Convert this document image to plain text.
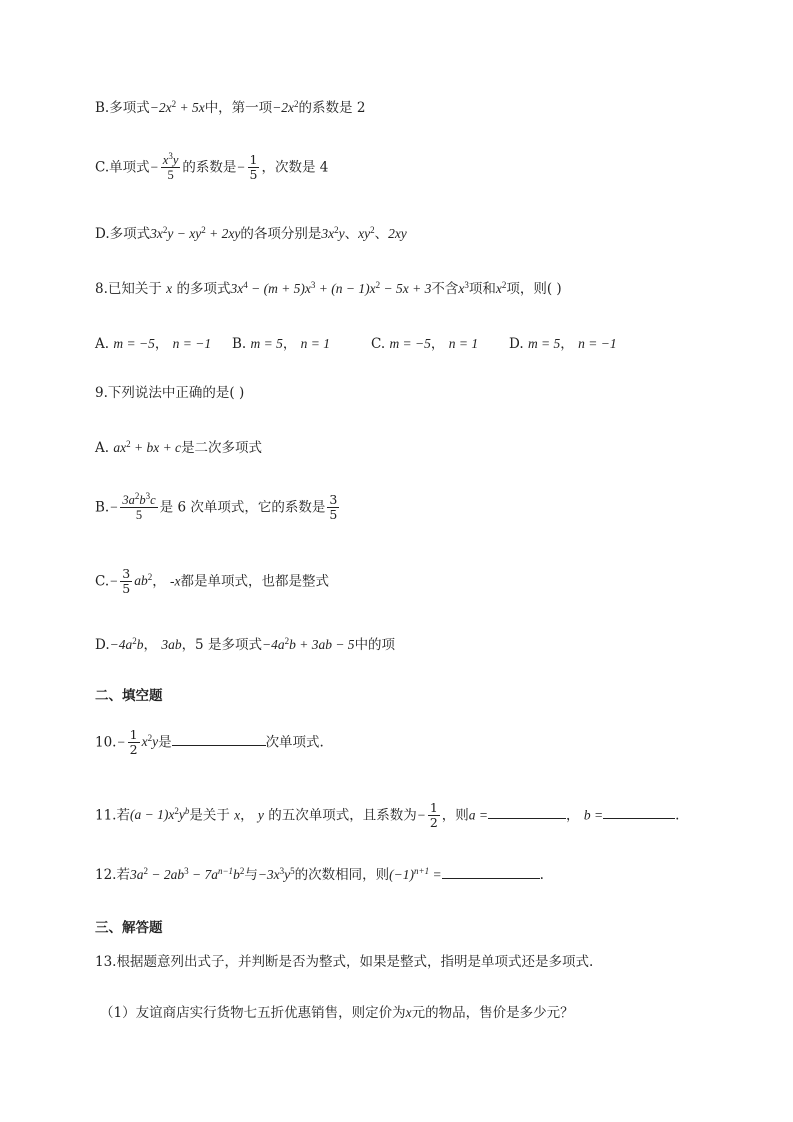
B.多项式$-2x^2 + 5x$中，第一项$-2x^2$的系数是 2
C.单项式− $\frac{x^3y}{5}$ 的系数是− $\frac{1}{5}$ ，次数是 4
D.多项式$3x^2y - xy^2 + 2xy$的各项分别是$3x^2y$、$xy^2$、2xy
8.已知关于 x 的多项式$3x^4 - (m + 5)x^3 + (n - 1)x^2 - 5x + 3$不含$x^3$项和$x^2$项，则( )
A. m = −5， n = −1 B. m = 5， n = 1	C. m = −5， n = 1 D. m = 5， n = −1
9.下列说法中正确的是( )
A. $ax^2$ + bx + c是二次多项式
$B.- \frac{3a^2b^3c}{5}$ 是 6 次单项式，它的系数是 $\frac{3}{5}$
$C.- \frac{3}{5} ab^2$， -x都是单项式，也都是整式
$D.-4a^2b$， 3ab，5 是多项式$-4a^2b + 3ab - 5$中的项
二、填空题
$10.- \frac{1}{2} x^2y$是	次单项式.
11.若$(a - 1)x^2y^b$是关于 x， y 的五次单项式，且系数为− $\frac{1}{2}$ ，则a =	， b =	.
12.若$3a^2 - 2ab^3 - 7a^{n-1}b^2$与$-3x^3y^5$的次数相同，则$(-1)^{n+1}$ =	.
三、解答题
13.根据题意列出式子，并判断是否为整式，如果是整式，指明是单项式还是多项式.
（1）友谊商店实行货物七五折优惠销售，则定价为x元的物品，售价是多少元？
